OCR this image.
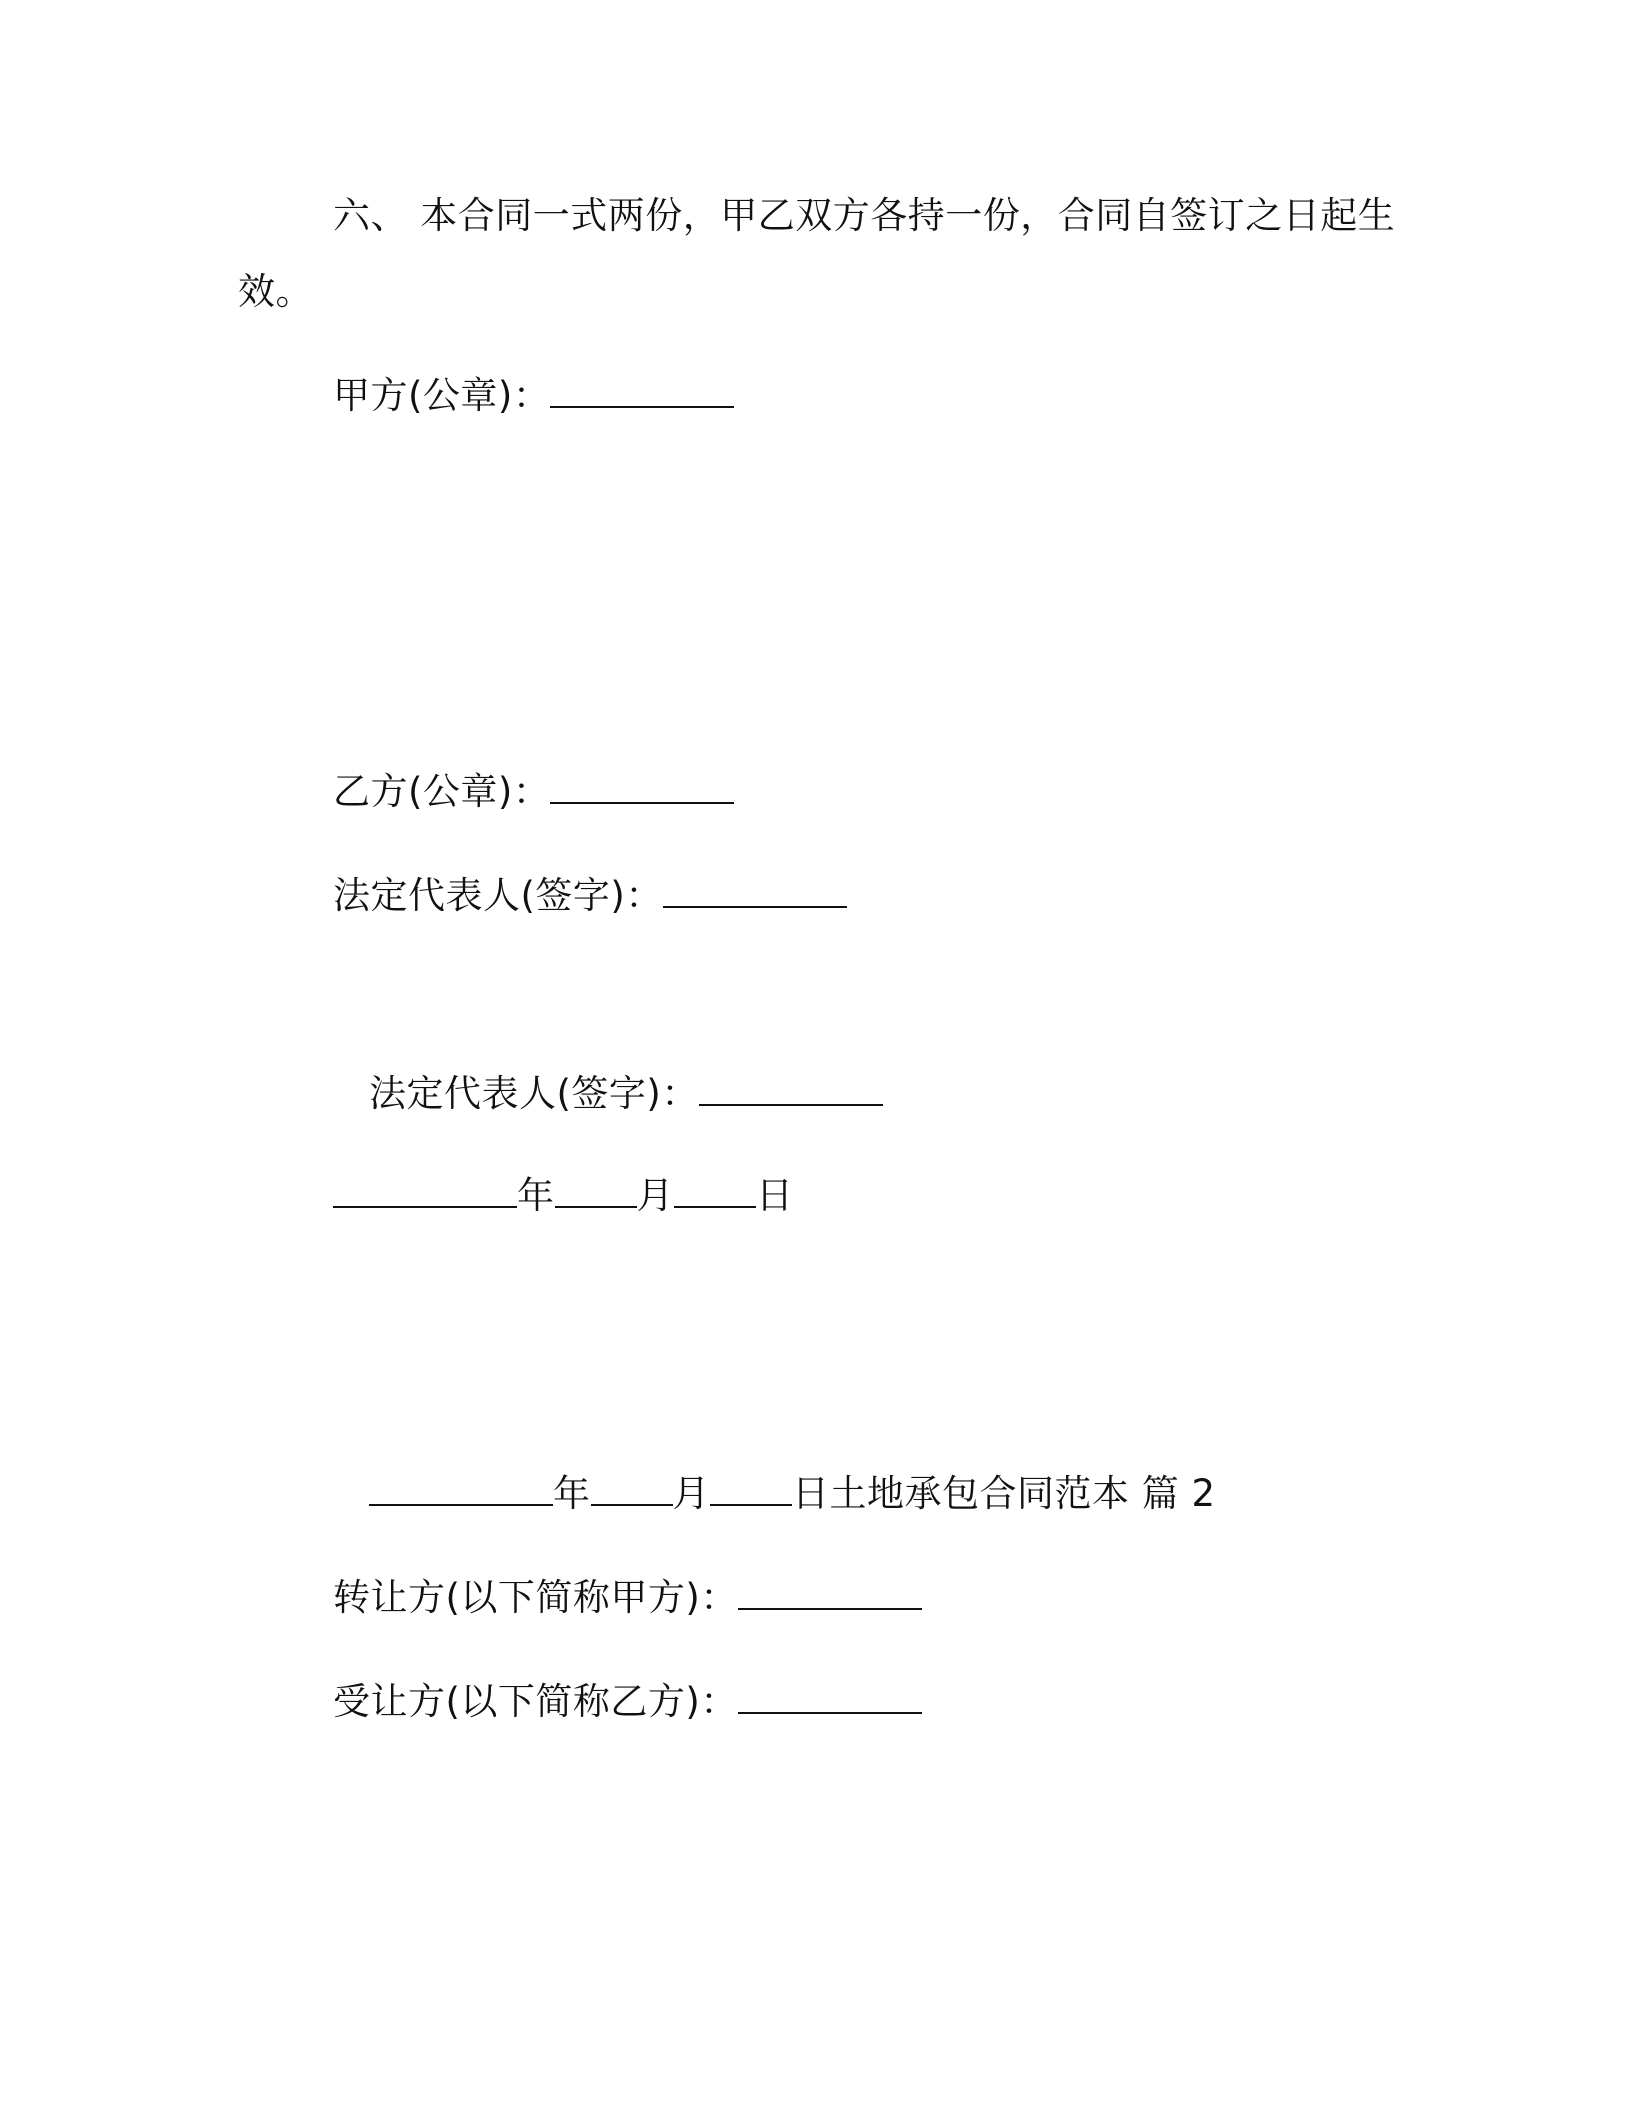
六、 本合同一式两份，甲乙双方各持一份，合同自签订之日起生
效。
甲方(公章)：
乙方(公章)：
法定代表人(签字)：
法定代表人(签字)：
年 月 日
年 月 日土地承包合同范本 篇 2
转让方(以下简称甲方)：
受让方(以下简称乙方)：
